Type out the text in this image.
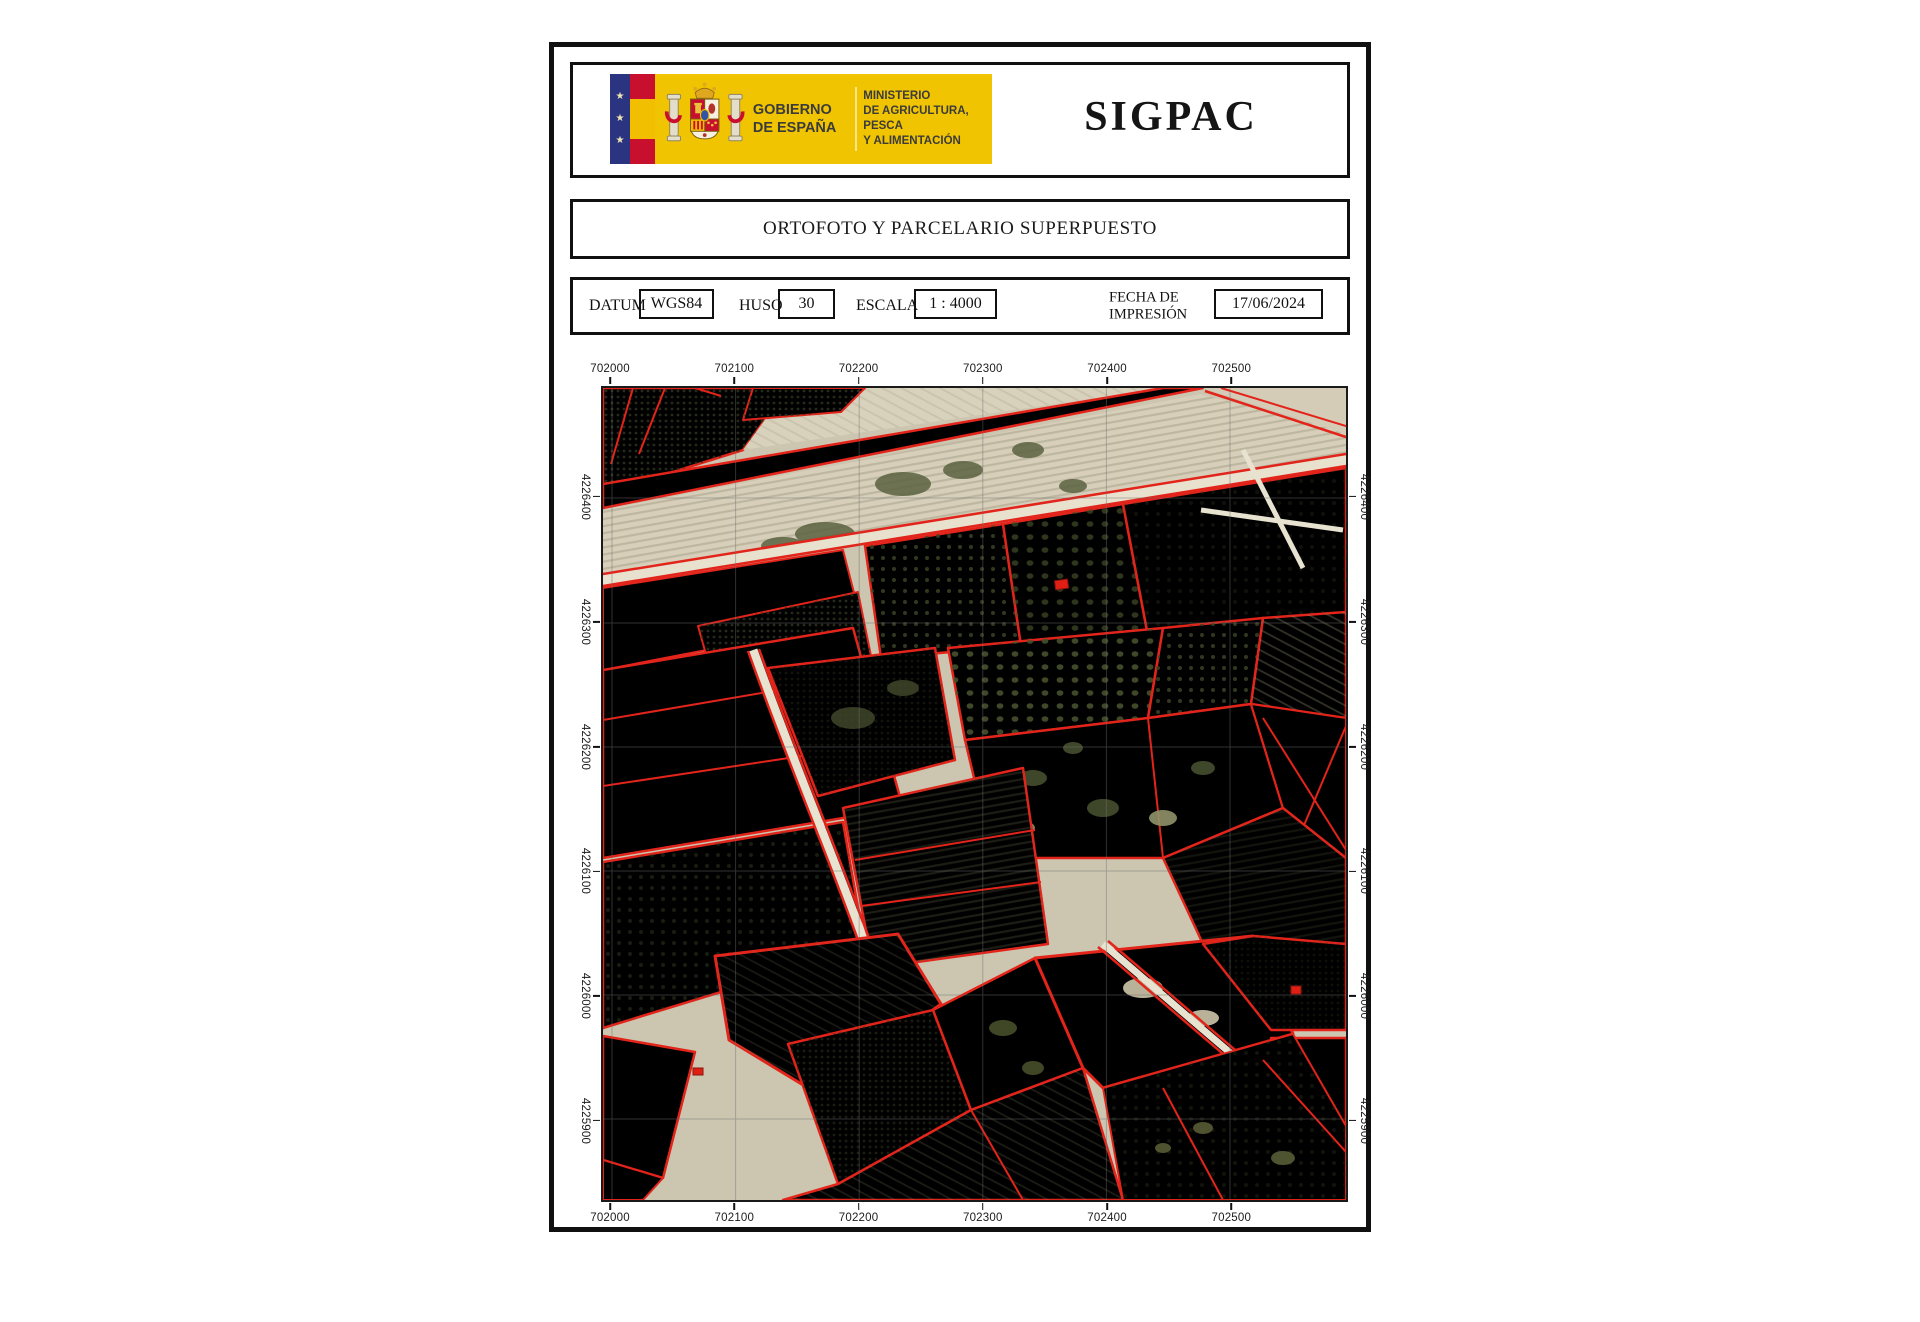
★
★
★
GOBIERNO
DE ESPAÑA
MINISTERIO
DE AGRICULTURA, PESCA
Y ALIMENTACIÓN
SIGPAC
ORTOFOTO Y PARCELARIO SUPERPUESTO
DATUM WGS84	HUSO 30	ESCALA 1 : 4000	FECHA DE
IMPRESIÓN
17/06/2024
702000	702100	702200	702300	702400	702500
702000	702100	702200	702300	702400	702500
4226400
4226300
4226200
4226100
4226000
4225900
4226400
4226300
4226200
4226100
4226000
4225900
